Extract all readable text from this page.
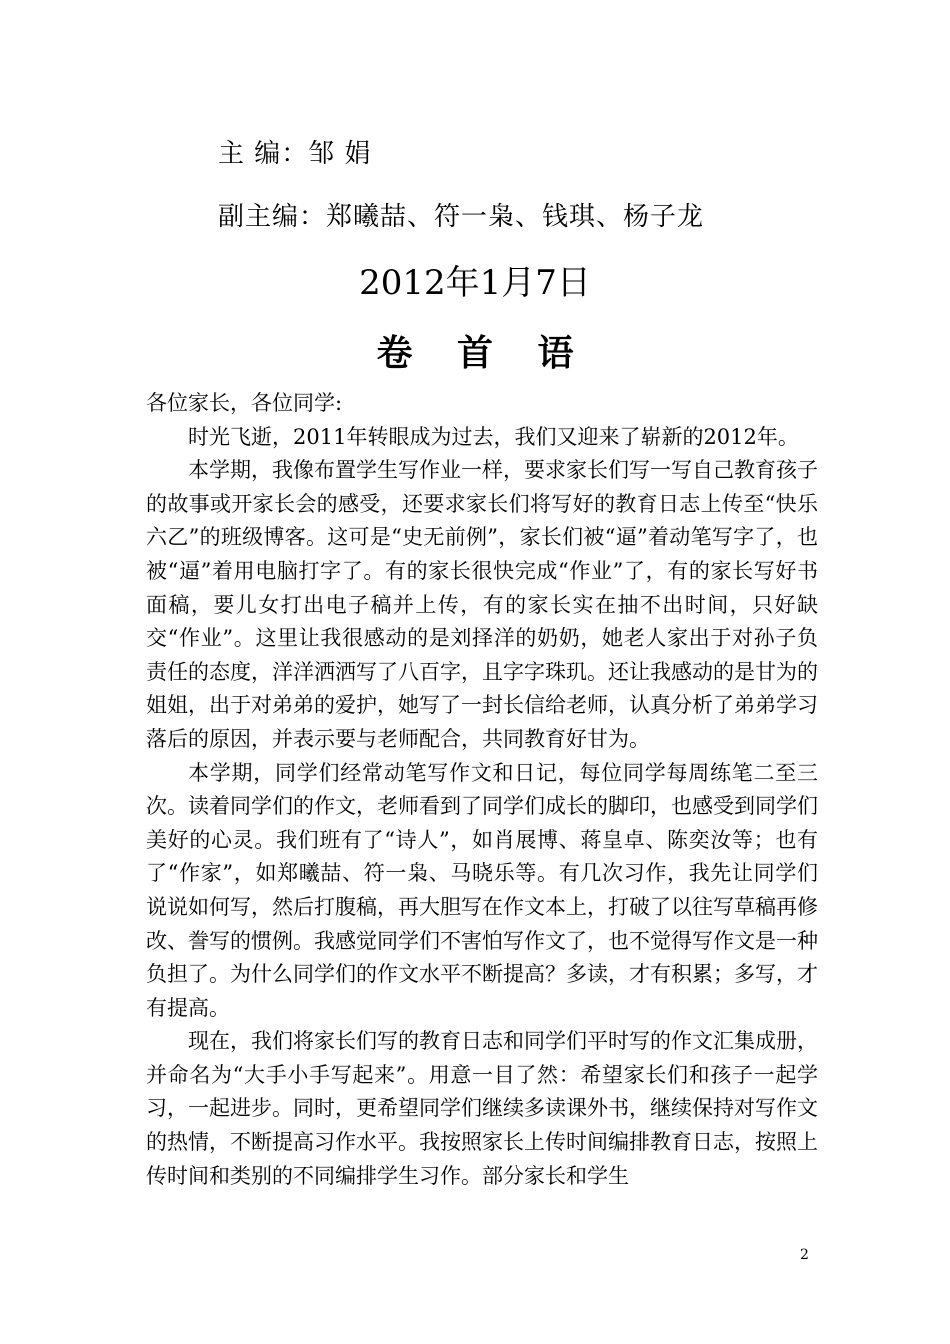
主 编：邹 娟
副主编：郑曦喆、符一枭、钱琪、杨子龙
2012年1月7日
卷 首 语

各位家长，各位同学:

时光飞逝，2011年转眼成为过去，我们又迎来了崭新的2012年。

本学期，我像布置学生写作业一样，要求家长们写一写自己教育孩子的故事或开家长会的感受，还要求家长们将写好的教育日志上传至“快乐六乙”的班级博客。这可是“史无前例”，家长们被“逼”着动笔写字了，也被“逼”着用电脑打字了。有的家长很快完成“作业”了，有的家长写好书面稿，要儿女打出电子稿并上传，有的家长实在抽不出时间，只好缺交“作业”。这里让我很感动的是刘择洋的奶奶，她老人家出于对孙子负责任的态度，洋洋洒洒写了八百字，且字字珠玑。还让我感动的是甘为的姐姐，出于对弟弟的爱护，她写了一封长信给老师，认真分析了弟弟学习落后的原因，并表示要与老师配合，共同教育好甘为。

本学期，同学们经常动笔写作文和日记，每位同学每周练笔二至三次。读着同学们的作文，老师看到了同学们成长的脚印，也感受到同学们美好的心灵。我们班有了“诗人”，如肖展博、蒋皇卓、陈奕汝等；也有了“作家”，如郑曦喆、符一枭、马晓乐等。有几次习作，我先让同学们说说如何写，然后打腹稿，再大胆写在作文本上，打破了以往写草稿再修改、誊写的惯例。我感觉同学们不害怕写作文了，也不觉得写作文是一种负担了。为什么同学们的作文水平不断提高？多读，才有积累；多写，才有提高。

现在，我们将家长们写的教育日志和同学们平时写的作文汇集成册，并命名为“大手小手写起来”。用意一目了然：希望家长们和孩子一起学习，一起进步。同时，更希望同学们继续多读课外书，继续保持对写作文的热情，不断提高习作水平。我按照家长上传时间编排教育日志，按照上传时间和类别的不同编排学生习作。部分家长和学生

2
